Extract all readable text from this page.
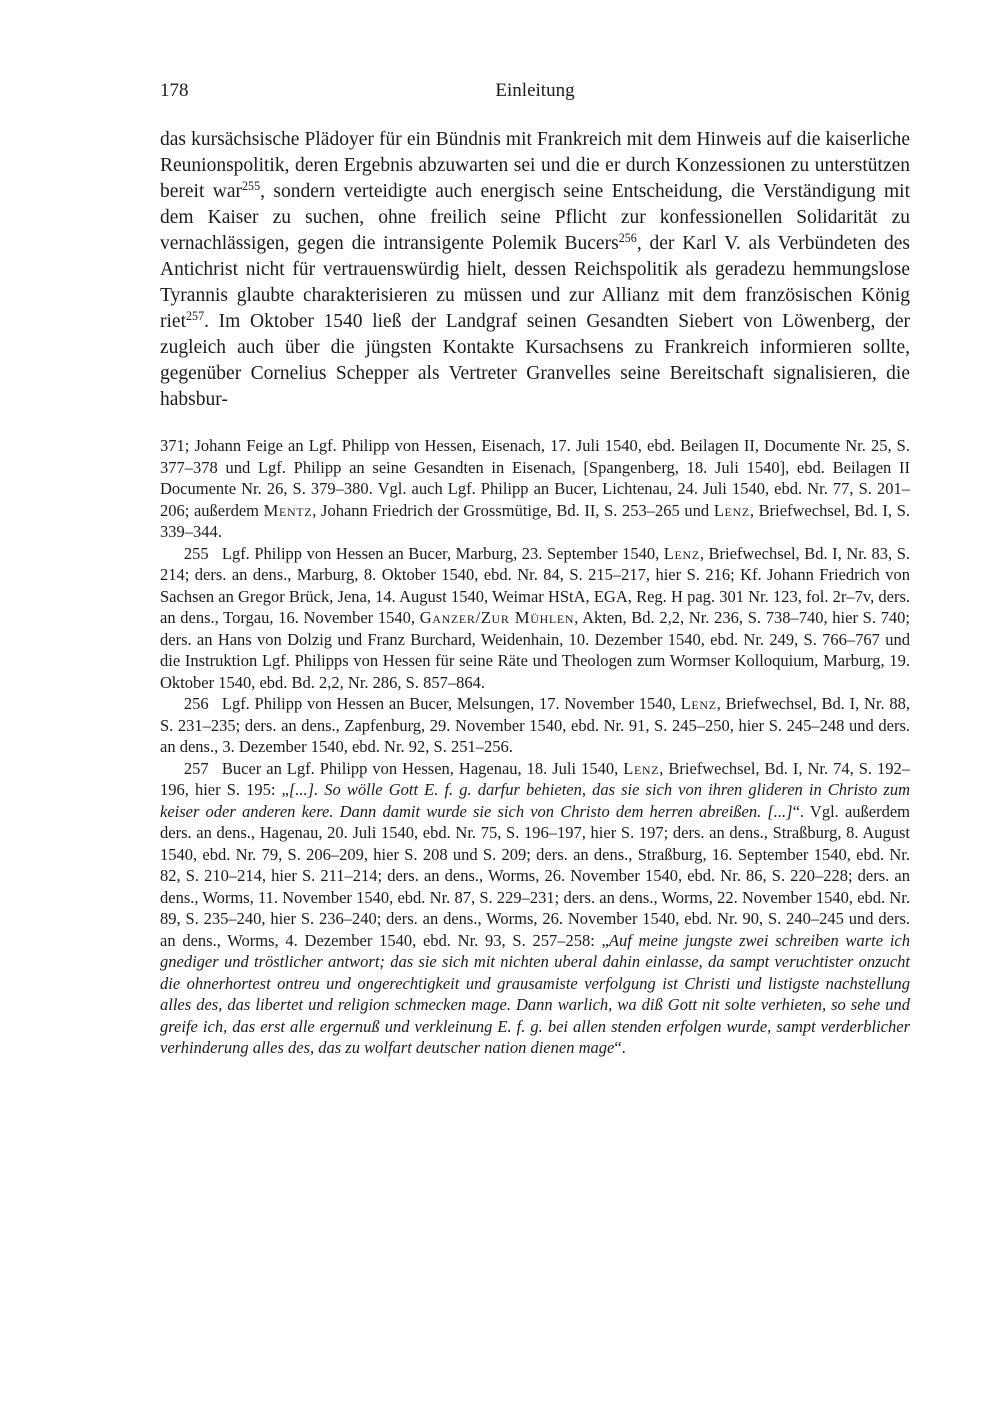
178	Einleitung

das kursächsische Plädoyer für ein Bündnis mit Frankreich mit dem Hinweis auf die kaiserliche Reunionspolitik, deren Ergebnis abzuwarten sei und die er durch Konzessionen zu unterstützen bereit war$^{255}$, sondern verteidigte auch energisch seine Entscheidung, die Verständigung mit dem Kaiser zu suchen, ohne freilich seine Pflicht zur konfessionellen Solidarität zu vernachlässigen, gegen die intransigente Polemik Bucers$^{256}$, der Karl V. als Verbündeten des Antichrist nicht für vertrauenswürdig hielt, dessen Reichspolitik als geradezu hemmungslose Tyrannis glaubte charakterisieren zu müssen und zur Allianz mit dem französischen König riet$^{257}$. Im Oktober 1540 ließ der Landgraf seinen Gesandten Siebert von Löwenberg, der zugleich auch über die jüngsten Kontakte Kursachsens zu Frankreich informieren sollte, gegenüber Cornelius Schepper als Vertreter Granvelles seine Bereitschaft signalisieren, die habsbur-

371; Johann Feige an Lgf. Philipp von Hessen, Eisenach, 17. Juli 1540, ebd. Beilagen II, Documente Nr. 25, S. 377–378 und Lgf. Philipp an seine Gesandten in Eisenach, [Spangenberg, 18. Juli 1540], ebd. Beilagen II Documente Nr. 26, S. 379–380. Vgl. auch Lgf. Philipp an Bucer, Lichtenau, 24. Juli 1540, ebd. Nr. 77, S. 201–206; außerdem Mentz, Johann Friedrich der Grossmütige, Bd. II, S. 253–265 und Lenz, Briefwechsel, Bd. I, S. 339–344.

255 Lgf. Philipp von Hessen an Bucer, Marburg, 23. September 1540, Lenz, Briefwechsel, Bd. I, Nr. 83, S. 214; ders. an dens., Marburg, 8. Oktober 1540, ebd. Nr. 84, S. 215–217, hier S. 216; Kf. Johann Friedrich von Sachsen an Gregor Brück, Jena, 14. August 1540, Weimar HStA, EGA, Reg. H pag. 301 Nr. 123, fol. 2r–7v, ders. an dens., Torgau, 16. November 1540, Ganzer/Zur Mühlen, Akten, Bd. 2,2, Nr. 236, S. 738–740, hier S. 740; ders. an Hans von Dolzig und Franz Burchard, Weidenhain, 10. Dezember 1540, ebd. Nr. 249, S. 766–767 und die Instruktion Lgf. Philipps von Hessen für seine Räte und Theologen zum Wormser Kolloquium, Marburg, 19. Oktober 1540, ebd. Bd. 2,2, Nr. 286, S. 857–864.

256 Lgf. Philipp von Hessen an Bucer, Melsungen, 17. November 1540, Lenz, Briefwechsel, Bd. I, Nr. 88, S. 231–235; ders. an dens., Zapfenburg, 29. November 1540, ebd. Nr. 91, S. 245–250, hier S. 245–248 und ders. an dens., 3. Dezember 1540, ebd. Nr. 92, S. 251–256.

257 Bucer an Lgf. Philipp von Hessen, Hagenau, 18. Juli 1540, Lenz, Briefwechsel, Bd. I, Nr. 74, S. 192–196, hier S. 195: „[...]. So wölle Gott E. f. g. darfur behieten, das sie sich von ihren glideren in Christo zum keiser oder anderen kere. Dann damit wurde sie sich von Christo dem herren abreißen. [...]“. Vgl. außerdem ders. an dens., Hagenau, 20. Juli 1540, ebd. Nr. 75, S. 196–197, hier S. 197; ders. an dens., Straßburg, 8. August 1540, ebd. Nr. 79, S. 206–209, hier S. 208 und S. 209; ders. an dens., Straßburg, 16. September 1540, ebd. Nr. 82, S. 210–214, hier S. 211–214; ders. an dens., Worms, 26. November 1540, ebd. Nr. 86, S. 220–228; ders. an dens., Worms, 11. November 1540, ebd. Nr. 87, S. 229–231; ders. an dens., Worms, 22. November 1540, ebd. Nr. 89, S. 235–240, hier S. 236–240; ders. an dens., Worms, 26. November 1540, ebd. Nr. 90, S. 240–245 und ders. an dens., Worms, 4. Dezember 1540, ebd. Nr. 93, S. 257–258: „Auf meine jungste zwei schreiben warte ich gnediger und tröstlicher antwort; das sie sich mit nichten uberal dahin einlasse, da sampt veruchtister onzucht die ohnerhortest ontreu und ongerechtigkeit und grausamiste verfolgung ist Christi und listigste nachstellung alles des, das libertet und religion schmecken mage. Dann warlich, wa diß Gott nit solte verhieten, so sehe und greife ich, das erst alle ergernuß und verkleinung E. f. g. bei allen stenden erfolgen wurde, sampt verderblicher verhinderung alles des, das zu wolfart deutscher nation dienen mage“.
